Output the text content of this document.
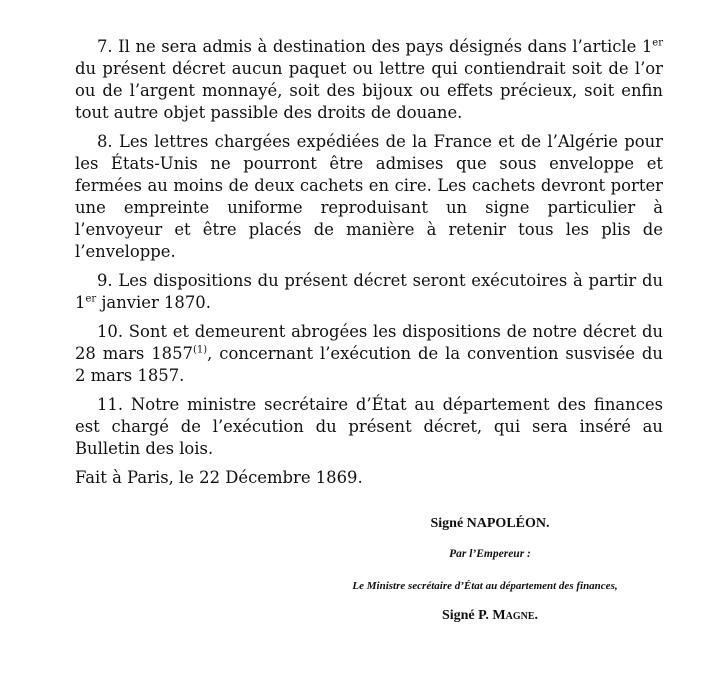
7. Il ne sera admis à destination des pays désignés dans l’article 1er du présent décret aucun paquet ou lettre qui contiendrait soit de l’or ou de l’argent monnayé, soit des bijoux ou effets précieux, soit enfin tout autre objet passible des droits de douane.

8. Les lettres chargées expédiées de la France et de l’Algérie pour les États-Unis ne pourront être admises que sous enveloppe et fermées au moins de deux cachets en cire. Les cachets devront porter une empreinte uniforme reproduisant un signe particulier à l’envoyeur et être placés de manière à retenir tous les plis de l’enveloppe.

9. Les dispositions du présent décret seront exécutoires à partir du 1er janvier 1870.

10. Sont et demeurent abrogées les dispositions de notre décret du 28 mars 1857$^{(1)}$, concernant l’exécution de la convention susvisée du 2 mars 1857.

11. Notre ministre secrétaire d’État au département des finances est chargé de l’exécution du présent décret, qui sera inséré au Bulletin des lois.

Fait à Paris, le 22 Décembre 1869.

Signé NAPOLÉON.
Par l’Empereur :
Le Ministre secrétaire d’État au département des finances,
Signé P. Magne.
